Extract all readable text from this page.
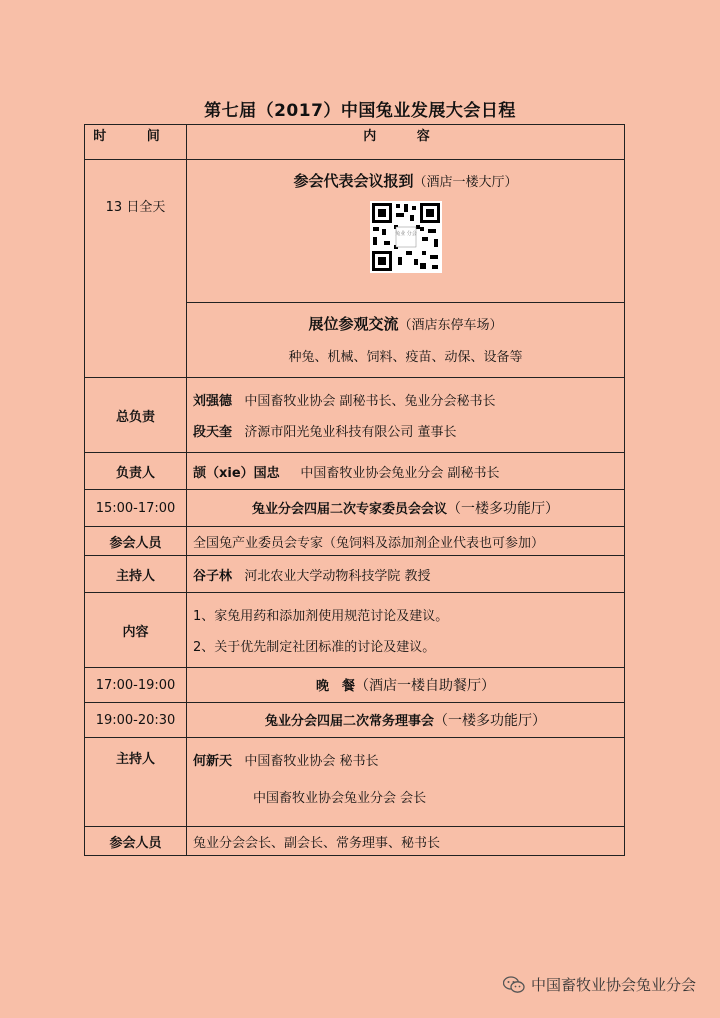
第七届（2017）中国兔业发展大会日程
时 间	内 容
13 日全天	参会代表会议报到（酒店一楼大厅）
兔业 分会

	展位参观交流（酒店东停车场）
种兔、机械、饲料、疫苗、动保、设备等

总负责	刘强德 中国畜牧业协会 副秘书长、兔业分会秘书长
段天奎 济源市阳光兔业科技有限公司 董事长

负责人	颉（xie）国忠 中国畜牧业协会兔业分会 副秘书长
15:00-17:00	兔业分会四届二次专家委员会会议（一楼多功能厅）
参会人员	全国兔产业委员会专家（兔饲料及添加剂企业代表也可参加）
主持人	谷子林 河北农业大学动物科技学院 教授
内容	1、家兔用药和添加剂使用规范讨论及建议。
2、关于优先制定社团标准的讨论及建议。

17:00-19:00	晚　餐（酒店一楼自助餐厅）
19:00-20:30	兔业分会四届二次常务理事会（一楼多功能厅）
主持人	何新天 中国畜牧业协会 秘书长
中国畜牧业协会兔业分会 会长

参会人员	兔业分会会长、副会长、常务理事、秘书长
中国畜牧业协会兔业分会
